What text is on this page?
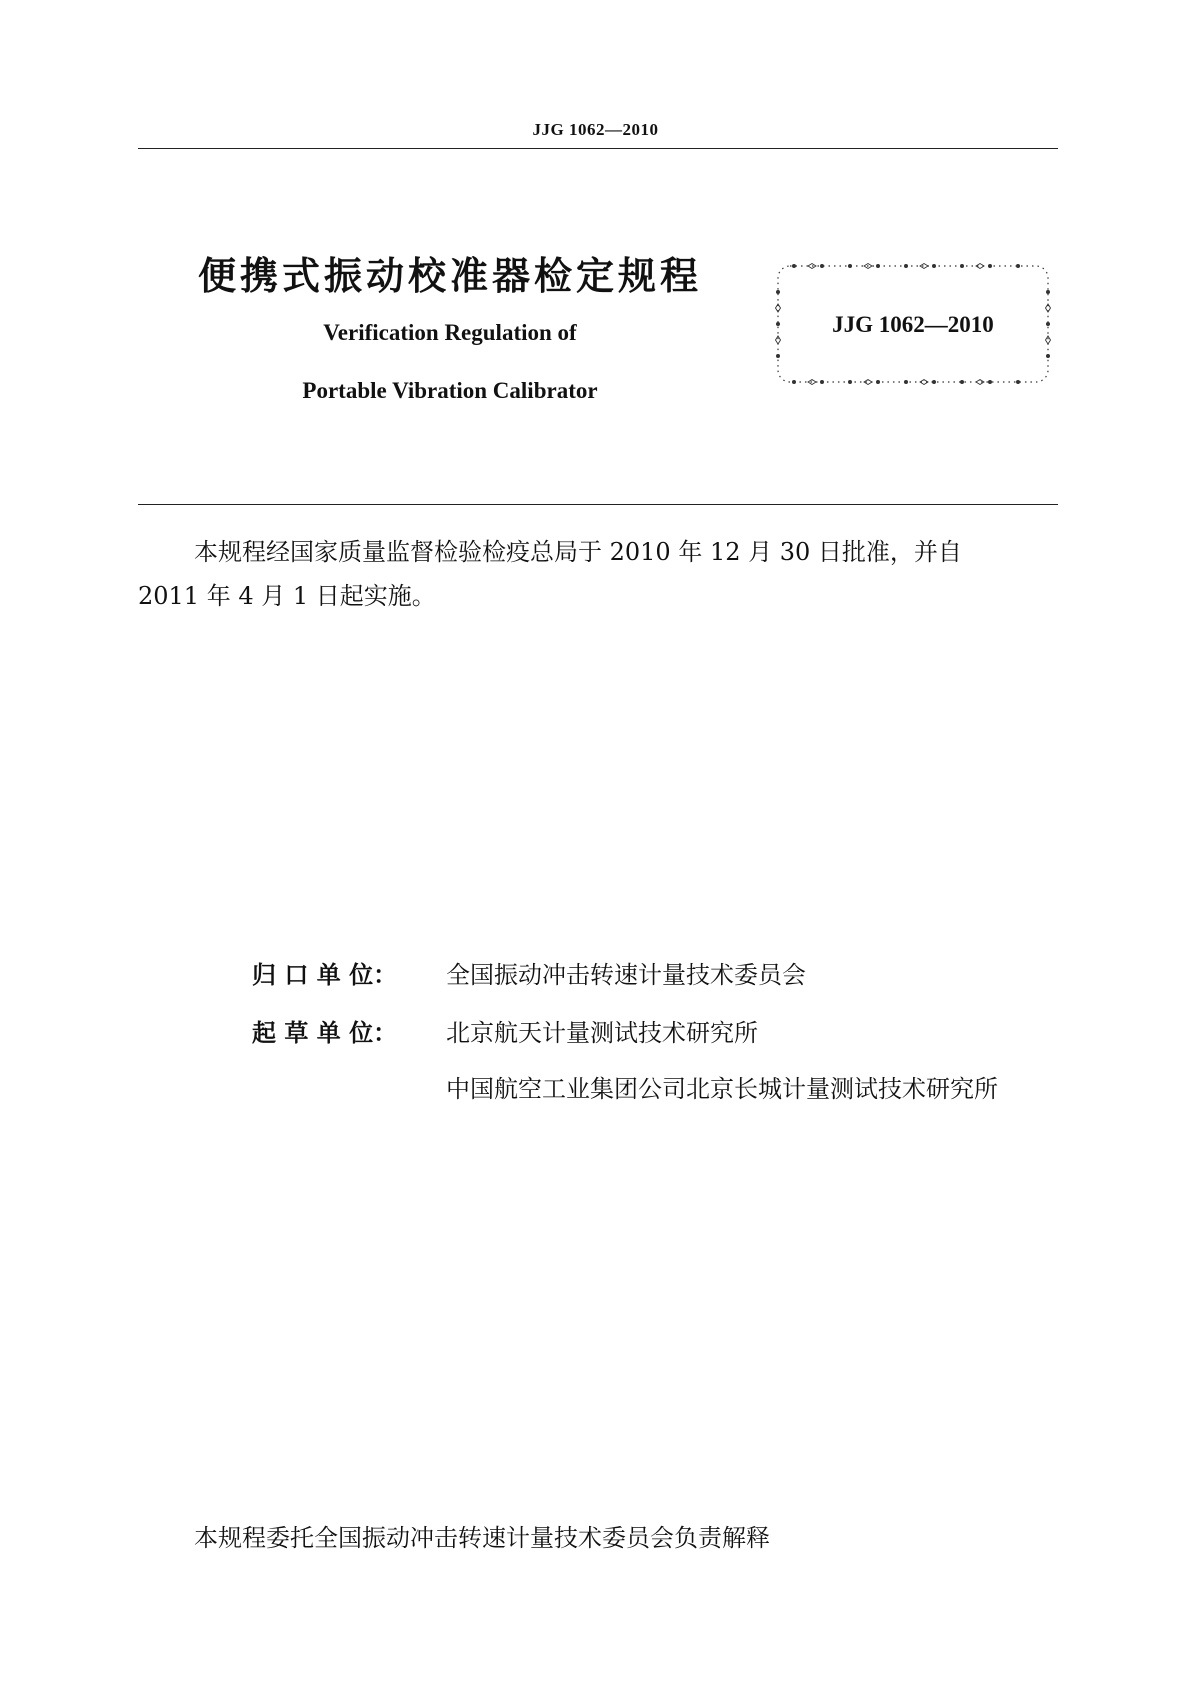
JJG 1062—2010
便携式振动校准器检定规程
Verification Regulation of
Portable Vibration Calibrator
JJG 1062—2010
本规程经国家质量监督检验检疫总局于 2010 年 12 月 30 日批准，并自
2011 年 4 月 1 日起实施。
归 口 单 位：	全国振动冲击转速计量技术委员会
起 草 单 位：	北京航天计量测试技术研究所
中国航空工业集团公司北京长城计量测试技术研究所
本规程委托全国振动冲击转速计量技术委员会负责解释
